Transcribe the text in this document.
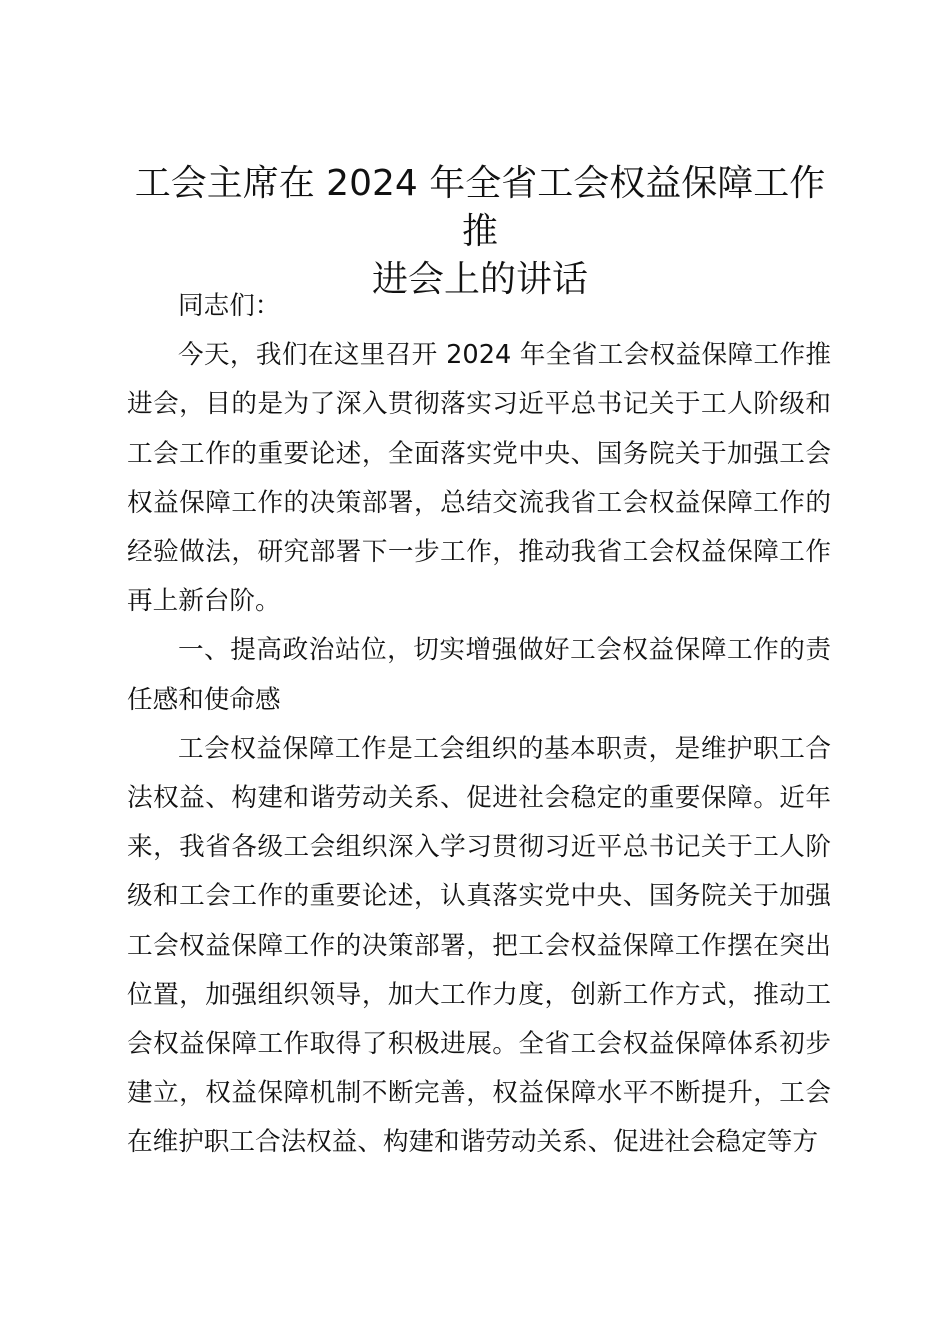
工会主席在 2024 年全省工会权益保障工作推
进会上的讲话

同志们：

今天，我们在这里召开 2024 年全省工会权益保障工作推进会，目的是为了深入贯彻落实习近平总书记关于工人阶级和工会工作的重要论述，全面落实党中央、国务院关于加强工会权益保障工作的决策部署，总结交流我省工会权益保障工作的经验做法，研究部署下一步工作，推动我省工会权益保障工作再上新台阶。

一、提高政治站位，切实增强做好工会权益保障工作的责任感和使命感

工会权益保障工作是工会组织的基本职责，是维护职工合法权益、构建和谐劳动关系、促进社会稳定的重要保障。近年来，我省各级工会组织深入学习贯彻习近平总书记关于工人阶级和工会工作的重要论述，认真落实党中央、国务院关于加强工会权益保障工作的决策部署，把工会权益保障工作摆在突出位置，加强组织领导，加大工作力度，创新工作方式，推动工会权益保障工作取得了积极进展。全省工会权益保障体系初步建立，权益保障机制不断完善，权益保障水平不断提升，工会在维护职工合法权益、构建和谐劳动关系、促进社会稳定等方
